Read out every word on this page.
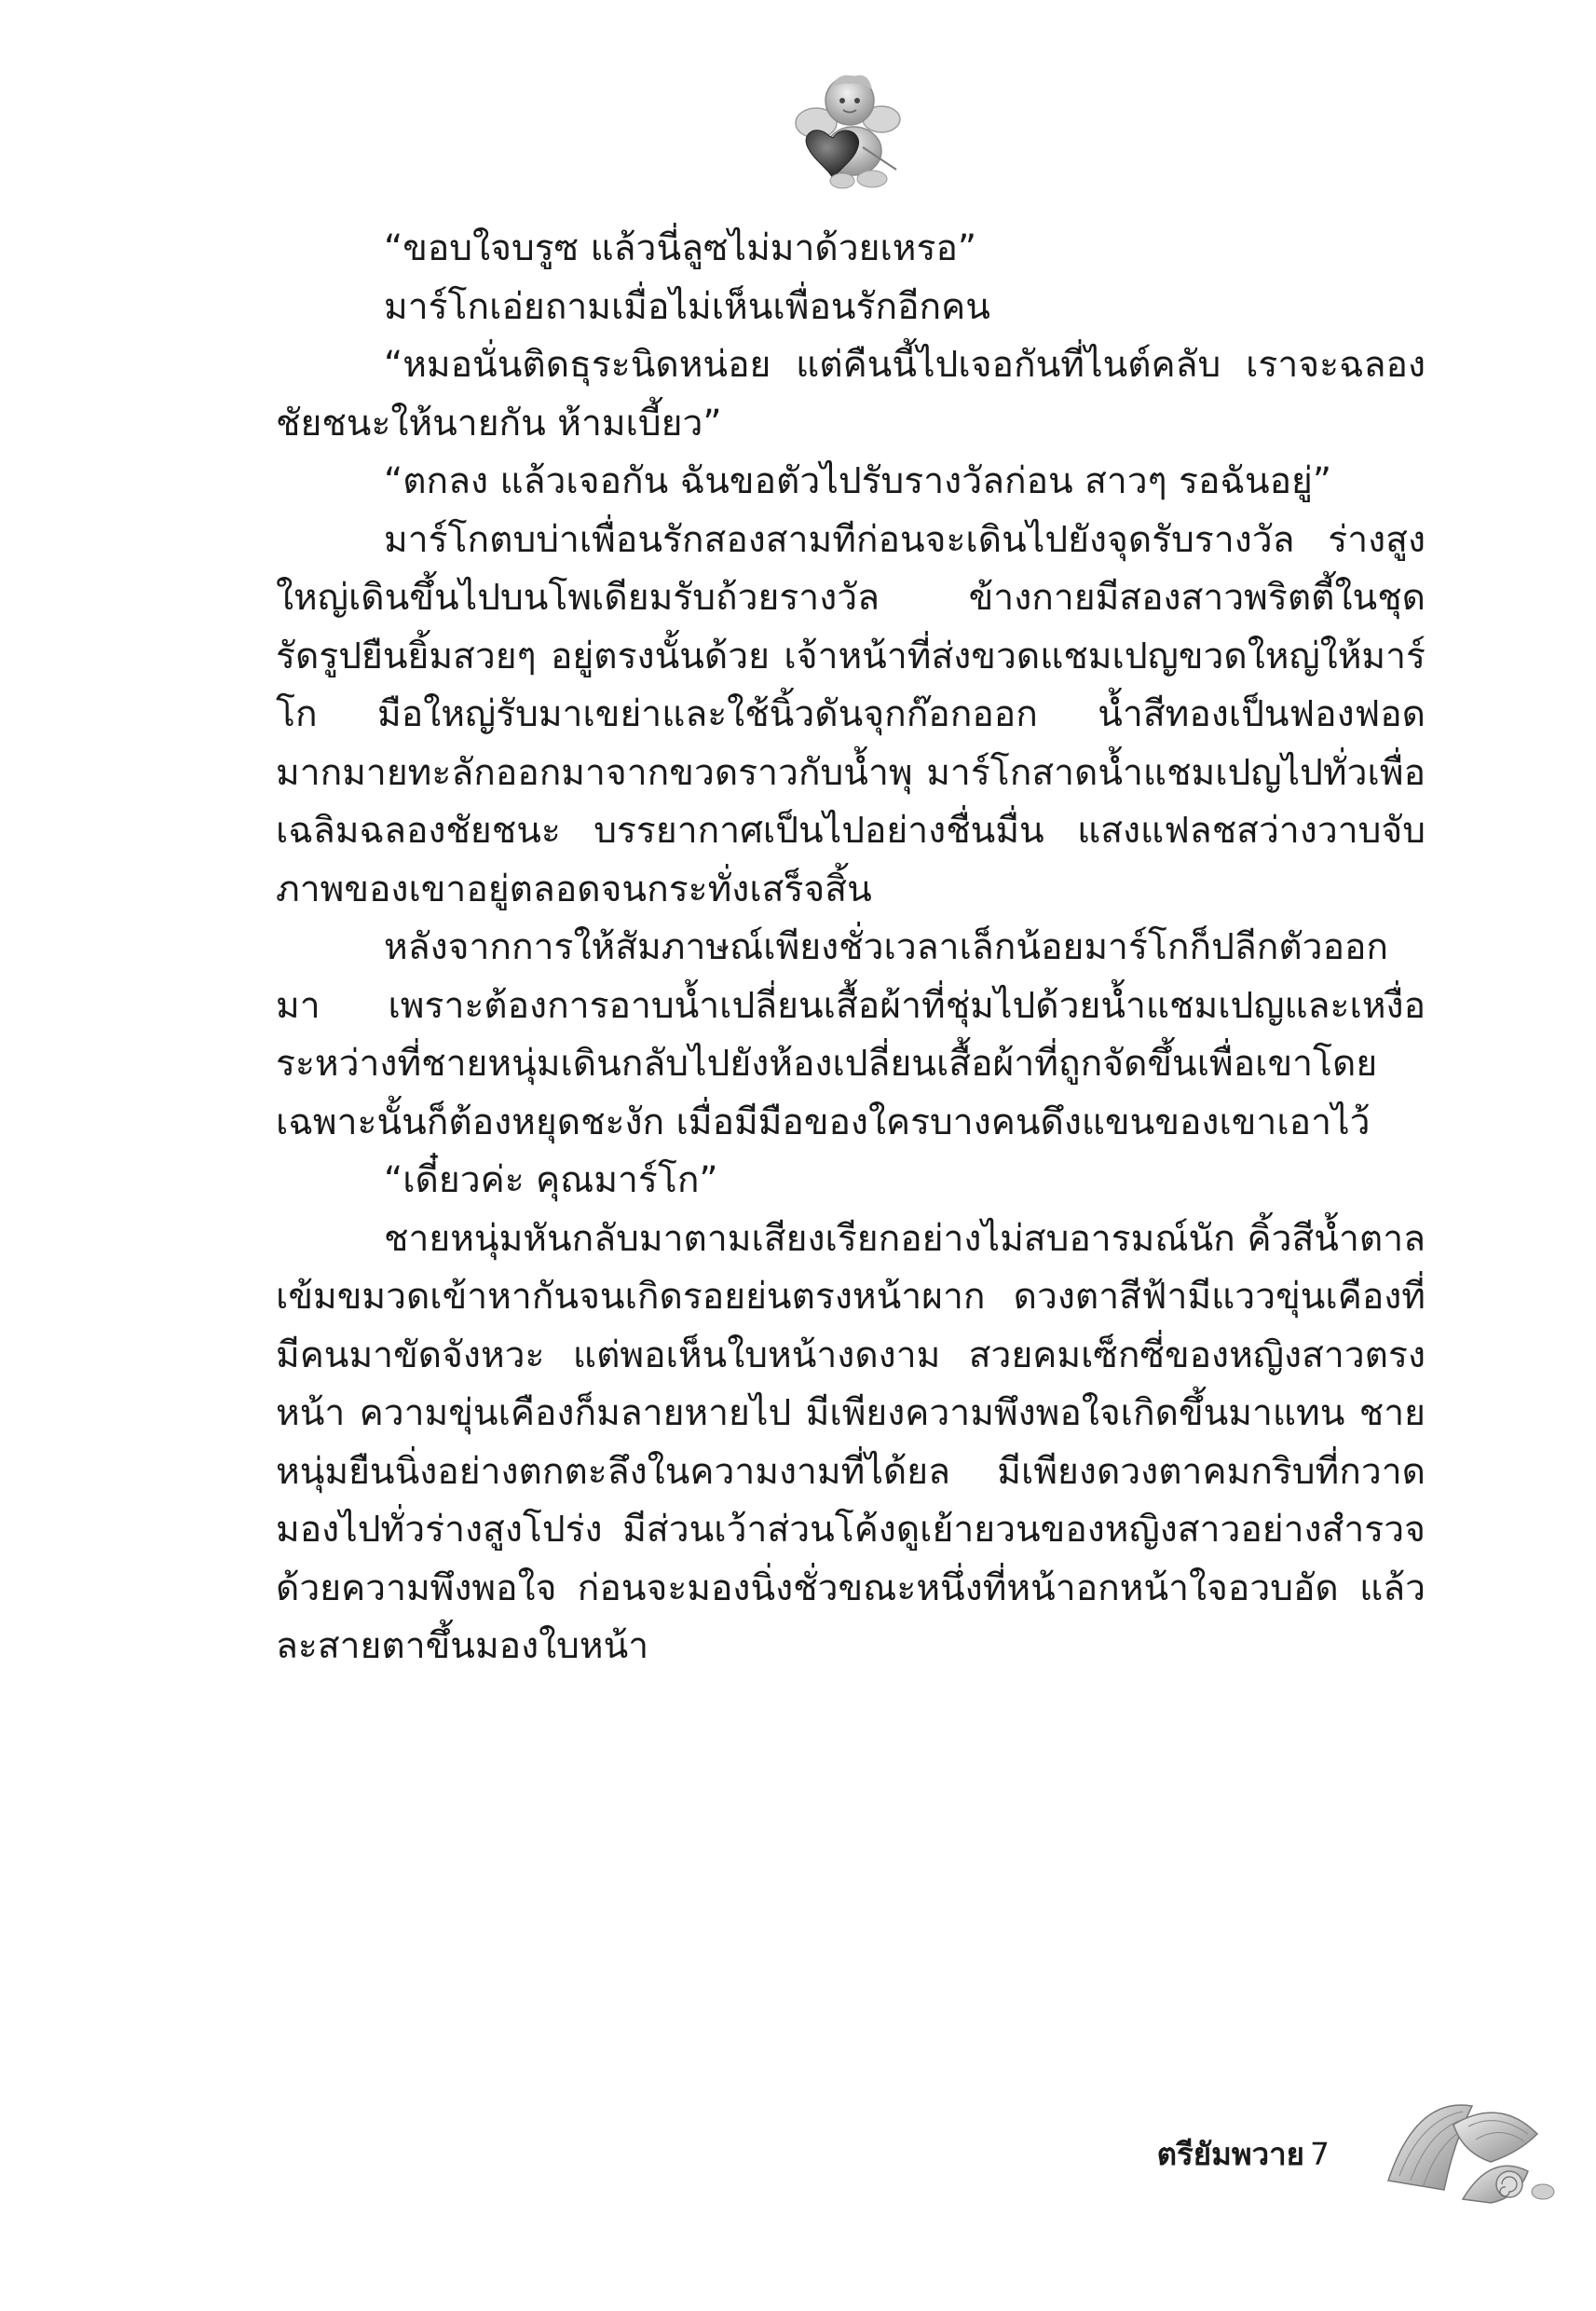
“ขอบใจบรูซ แล้วนี่ลูซไม่มาด้วยเหรอ”

มาร์โกเอ่ยถามเมื่อไม่เห็นเพื่อนรักอีกคน

“หมอนั่นติดธุระนิดหน่อย แต่คืนนี้ไปเจอกันที่ไนต์คลับ เราจะฉลองชัยชนะให้นายกัน ห้ามเบี้ยว”

“ตกลง แล้วเจอกัน ฉันขอตัวไปรับรางวัลก่อน สาวๆ รอฉันอยู่”

มาร์โกตบบ่าเพื่อนรักสองสามทีก่อนจะเดินไปยังจุดรับรางวัล ร่างสูงใหญ่เดินขึ้นไปบนโพเดียมรับถ้วยรางวัล ข้างกายมีสองสาวพริตตี้ในชุดรัดรูปยืนยิ้มสวยๆ อยู่ตรงนั้นด้วย เจ้าหน้าที่ส่งขวดแชมเปญขวดใหญ่ให้มาร์โก มือใหญ่รับมาเขย่าและใช้นิ้วดันจุกก๊อกออก น้ำสีทองเป็นฟองฟอดมากมายทะลักออกมาจากขวดราวกับน้ำพุ มาร์โกสาดน้ำแชมเปญไปทั่วเพื่อเฉลิมฉลองชัยชนะ บรรยากาศเป็นไปอย่างชื่นมื่น แสงแฟลชสว่างวาบจับภาพของเขาอยู่ตลอดจนกระทั่งเสร็จสิ้น

หลังจากการให้สัมภาษณ์เพียงชั่วเวลาเล็กน้อยมาร์โกก็ปลีกตัวออกมา เพราะต้องการอาบน้ำเปลี่ยนเสื้อผ้าที่ชุ่มไปด้วยน้ำแชมเปญและเหงื่อ ระหว่างที่ชายหนุ่มเดินกลับไปยังห้องเปลี่ยนเสื้อผ้าที่ถูกจัดขึ้นเพื่อเขาโดยเฉพาะนั้นก็ต้องหยุดชะงัก เมื่อมีมือของใครบางคนดึงแขนของเขาเอาไว้

“เดี๋ยวค่ะ คุณมาร์โก”

ชายหนุ่มหันกลับมาตามเสียงเรียกอย่างไม่สบอารมณ์นัก คิ้วสีน้ำตาลเข้มขมวดเข้าหากันจนเกิดรอยย่นตรงหน้าผาก ดวงตาสีฟ้ามีแววขุ่นเคืองที่มีคนมาขัดจังหวะ แต่พอเห็นใบหน้างดงาม สวยคมเซ็กซี่ของหญิงสาวตรงหน้า ความขุ่นเคืองก็มลายหายไป มีเพียงความพึงพอใจเกิดขึ้นมาแทน ชายหนุ่มยืนนิ่งอย่างตกตะลึงในความงามที่ได้ยล มีเพียงดวงตาคมกริบที่กวาดมองไปทั่วร่างสูงโปร่ง มีส่วนเว้าส่วนโค้งดูเย้ายวนของหญิงสาวอย่างสำรวจด้วยความพึงพอใจ ก่อนจะมองนิ่งชั่วขณะหนึ่งที่หน้าอกหน้าใจอวบอัด แล้วละสายตาขึ้นมองใบหน้า

ตรียัมพวาย 7
